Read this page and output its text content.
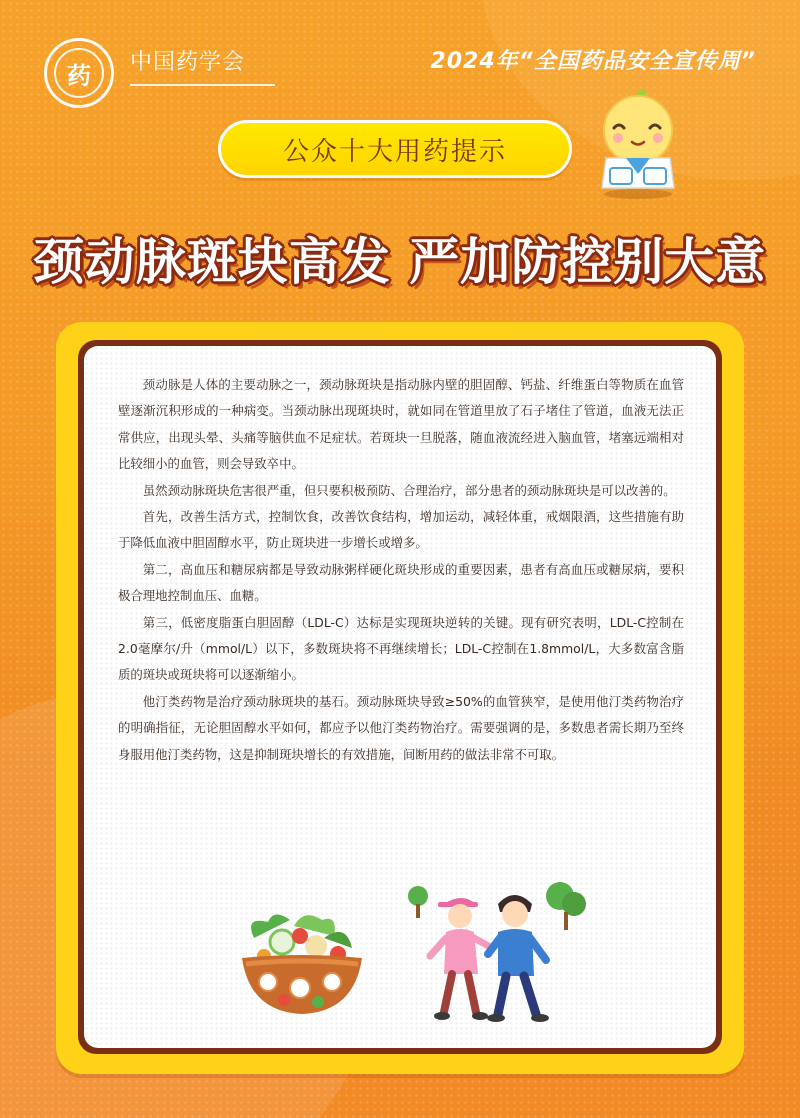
药	中国药学会	2024年“全国药品安全宣传周”
公众十大用药提示
颈动脉斑块高发 严加防控别大意

颈动脉是人体的主要动脉之一，颈动脉斑块是指动脉内壁的胆固醇、钙盐、纤维蛋白等物质在血管壁逐渐沉积形成的一种病变。当颈动脉出现斑块时，就如同在管道里放了石子堵住了管道，血液无法正常供应，出现头晕、头痛等脑供血不足症状。若斑块一旦脱落，随血液流经进入脑血管，堵塞远端相对比较细小的血管，则会导致卒中。

虽然颈动脉斑块危害很严重，但只要积极预防、合理治疗，部分患者的颈动脉斑块是可以改善的。

首先，改善生活方式，控制饮食，改善饮食结构，增加运动，减轻体重，戒烟限酒，这些措施有助于降低血液中胆固醇水平，防止斑块进一步增长或增多。

第二，高血压和糖尿病都是导致动脉粥样硬化斑块形成的重要因素，患者有高血压或糖尿病，要积极合理地控制血压、血糖。

第三，低密度脂蛋白胆固醇（LDL-C）达标是实现斑块逆转的关键。现有研究表明，LDL-C控制在2.0毫摩尔/升（mmol/L）以下，多数斑块将不再继续增长；LDL-C控制在1.8mmol/L，大多数富含脂质的斑块或斑块将可以逐渐缩小。

他汀类药物是治疗颈动脉斑块的基石。颈动脉斑块导致≥50%的血管狭窄，是使用他汀类药物治疗的明确指征，无论胆固醇水平如何，都应予以他汀类药物治疗。需要强调的是，多数患者需长期乃至终身服用他汀类药物，这是抑制斑块增长的有效措施，间断用药的做法非常不可取。
